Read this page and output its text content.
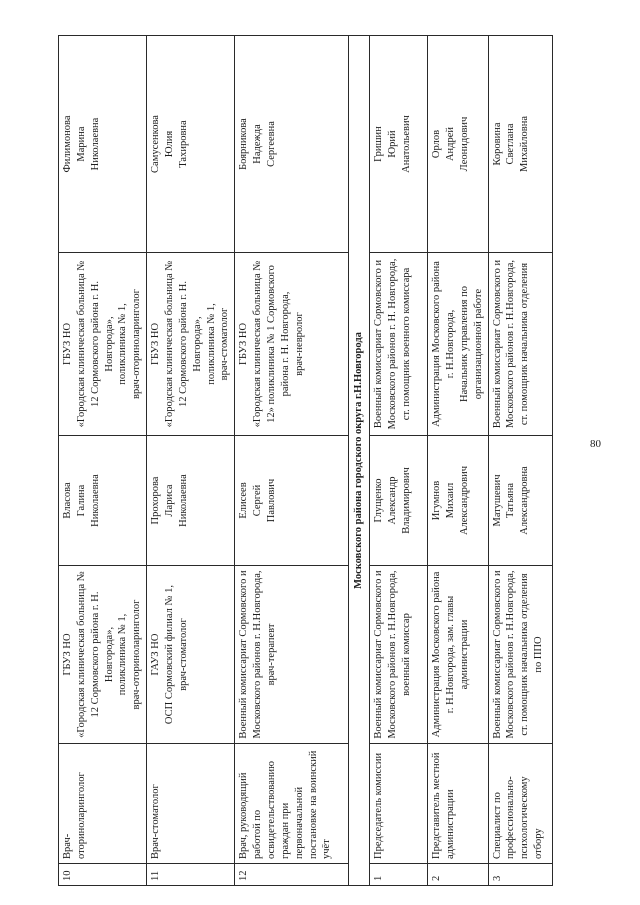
80
10	Врач-
оториноларинголог	ГБУЗ НО
«Городская клиническая больница № 12 Сормовского района г. Н. Новгорода»,
поликлиника № 1,
врач-оториноларинголог	Власова
Галина
Николаевна	ГБУЗ НО
«Городская клиническая больница № 12 Сормовского района г. Н. Новгорода»,
поликлиника № 1,
врач-оториноларинголог	Филимонова
Марина
Николаевна
11	Врач-стоматолог	ГАУЗ НО
ОСП Сормовский филиал № 1,
врач-стоматолог	Прохорова
Лариса
Николаевна	ГБУЗ НО
«Городская клиническая больница № 12 Сормовского района г. Н. Новгорода»,
поликлиника № 1,
врач-стоматолог	Самусенкова
Юлия
Тахировна
12	Врач, руководящий работой по освидетельствованию граждан при первоначальной постановке на воинский учёт	Военный комиссариат Сормовского и Московского районов г. Н.Новгорода,
врач-терапевт	Елисеев
Сергей
Павлович	ГБУЗ НО
«Городская клиническая больница № 12» поликлиника № 1 Сормовского района г. Н. Новгорода,
врач-невролог	Боярникова
Надежда
Сергеевна
Московского района городского округа г.Н.Новгорода					
1	Председатель комиссии	Военный комиссариат Сормовского и Московского районов г. Н.Новгорода, военный комиссар	Глущенко
Александр
Владимирович	Военный комиссариат Сормовского и Московского районов г. Н. Новгорода, ст. помощник военного комиссара	Гришин
Юрий
Анатольевич
2	Представитель местной администрации	Администрация Московского района г. Н.Новгорода, зам. главы администрации	Игумнов
Михаил
Александрович	Администрация Московского района г. Н.Новгорода,
Начальник управления по организационной работе	Орлов
Андрей
Леонидович
3	Специалист по профессионально-психологическому отбору	Военный комиссариат Сормовского и Московского районов г. Н.Новгорода, ст. помощник начальника отделения по ППО	Матушевич
Татьяна
Александровна	Военный комиссариат Сормовского и Московского районов г. Н.Новгорода, ст. помощник начальника отделения	Коровина
Светлана
Михайловна
